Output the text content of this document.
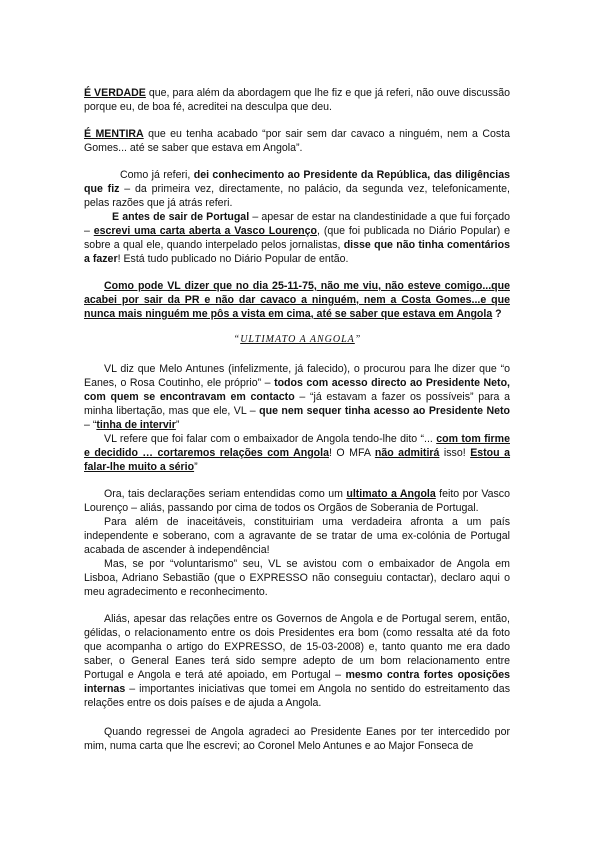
É VERDADE que, para além da abordagem que lhe fiz e que já referi, não ouve discussão porque eu, de boa fé, acreditei na desculpa que deu.

É MENTIRA que eu tenha acabado “por sair sem dar cavaco a ninguém, nem a Costa Gomes... até se saber que estava em Angola”.

Como já referi, dei conhecimento ao Presidente da República, das diligências que fiz – da primeira vez, directamente, no palácio, da segunda vez, telefonicamente, pelas razões que já atrás referi.

E antes de sair de Portugal – apesar de estar na clandestinidade a que fui forçado – escrevi uma carta aberta a Vasco Lourenço, (que foi publicada no Diário Popular) e sobre a qual ele, quando interpelado pelos jornalistas, disse que não tinha comentários a fazer! Está tudo publicado no Diário Popular de então.

Como pode VL dizer que no dia 25-11-75, não me viu, não esteve comigo...que acabei por sair da PR e não dar cavaco a ninguém, nem a Costa Gomes...e que nunca mais ninguém me pôs a vista em cima, até se saber que estava em Angola ?

“ULTIMATO A ANGOLA”

VL diz que Melo Antunes (infelizmente, já falecido), o procurou para lhe dizer que “o Eanes, o Rosa Coutinho, ele próprio” – todos com acesso directo ao Presidente Neto, com quem se encontravam em contacto – “já estavam a fazer os possíveis” para a minha libertação, mas que ele, VL – que nem sequer tinha acesso ao Presidente Neto – “tinha de intervir”

VL refere que foi falar com o embaixador de Angola tendo-lhe dito “... com tom firme e decidido … cortaremos relações com Angola! O MFA não admitirá isso! Estou a falar-lhe muito a sério”

Ora, tais declarações seriam entendidas como um ultimato a Angola feito por Vasco Lourenço – aliás, passando por cima de todos os Orgãos de Soberania de Portugal.

Para além de inaceitáveis, constituiriam uma verdadeira afronta a um país independente e soberano, com a agravante de se tratar de uma ex-colónia de Portugal acabada de ascender à independência!

Mas, se por “voluntarismo” seu, VL se avistou com o embaixador de Angola em Lisboa, Adriano Sebastião (que o EXPRESSO não conseguiu contactar), declaro aqui o meu agradecimento e reconhecimento.

Aliás, apesar das relações entre os Governos de Angola e de Portugal serem, então, gélidas, o relacionamento entre os dois Presidentes era bom (como ressalta até da foto que acompanha o artigo do EXPRESSO, de 15-03-2008) e, tanto quanto me era dado saber, o General Eanes terá sido sempre adepto de um bom relacionamento entre Portugal e Angola e terá até apoiado, em Portugal – mesmo contra fortes oposições internas – importantes iniciativas que tomei em Angola no sentido do estreitamento das relações entre os dois países e de ajuda a Angola.

Quando regressei de Angola agradeci ao Presidente Eanes por ter intercedido por mim, numa carta que lhe escrevi; ao Coronel Melo Antunes e ao Major Fonseca de
